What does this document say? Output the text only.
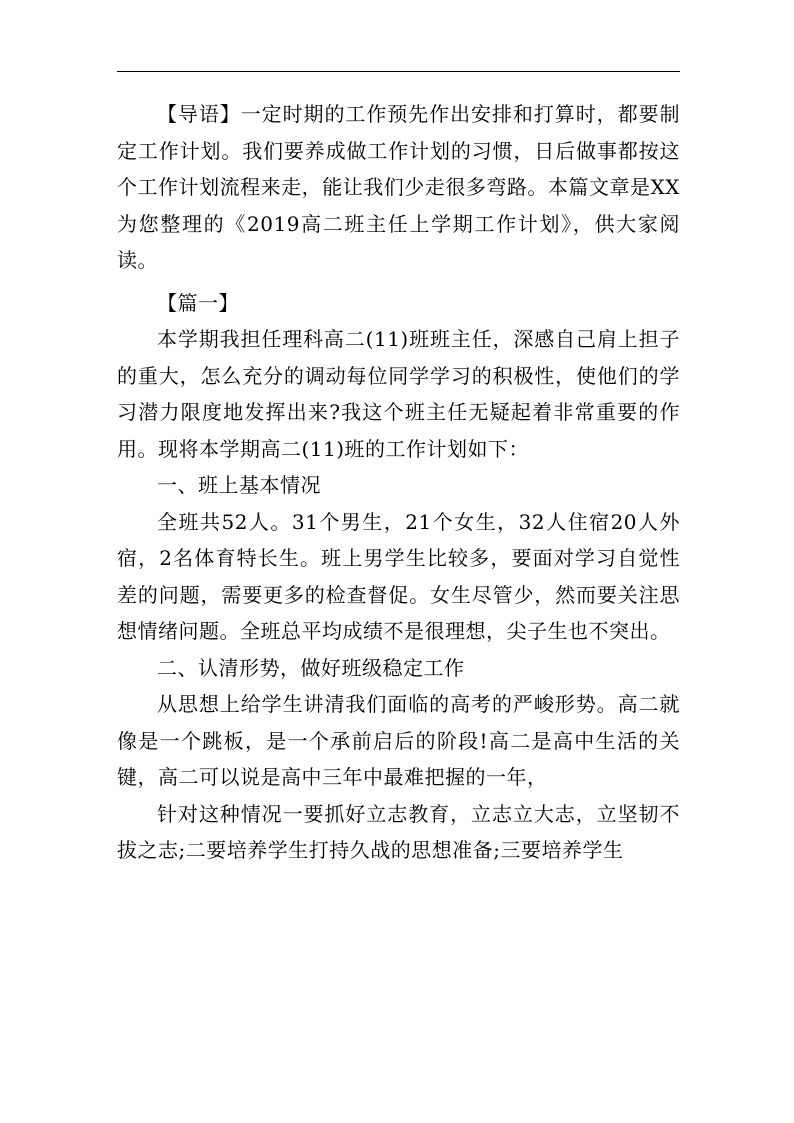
【导语】一定时期的工作预先作出安排和打算时，都要制定工作计划。我们要养成做工作计划的习惯，日后做事都按这个工作计划流程来走，能让我们少走很多弯路。本篇文章是XX为您整理的《2019高二班主任上学期工作计划》，供大家阅读。

【篇一】

本学期我担任理科高二(11)班班主任，深感自己肩上担子的重大，怎么充分的调动每位同学学习的积极性，使他们的学习潜力限度地发挥出来?我这个班主任无疑起着非常重要的作用。现将本学期高二(11)班的工作计划如下：

一、班上基本情况

全班共52人。31个男生，21个女生，32人住宿20人外宿，2名体育特长生。班上男学生比较多，要面对学习自觉性差的问题，需要更多的检查督促。女生尽管少，然而要关注思想情绪问题。全班总平均成绩不是很理想，尖子生也不突出。

二、认清形势，做好班级稳定工作

从思想上给学生讲清我们面临的高考的严峻形势。高二就像是一个跳板，是一个承前启后的阶段!高二是高中生活的关键，高二可以说是高中三年中最难把握的一年，

针对这种情况一要抓好立志教育，立志立大志，立坚韧不拔之志;二要培养学生打持久战的思想准备;三要培养学生
